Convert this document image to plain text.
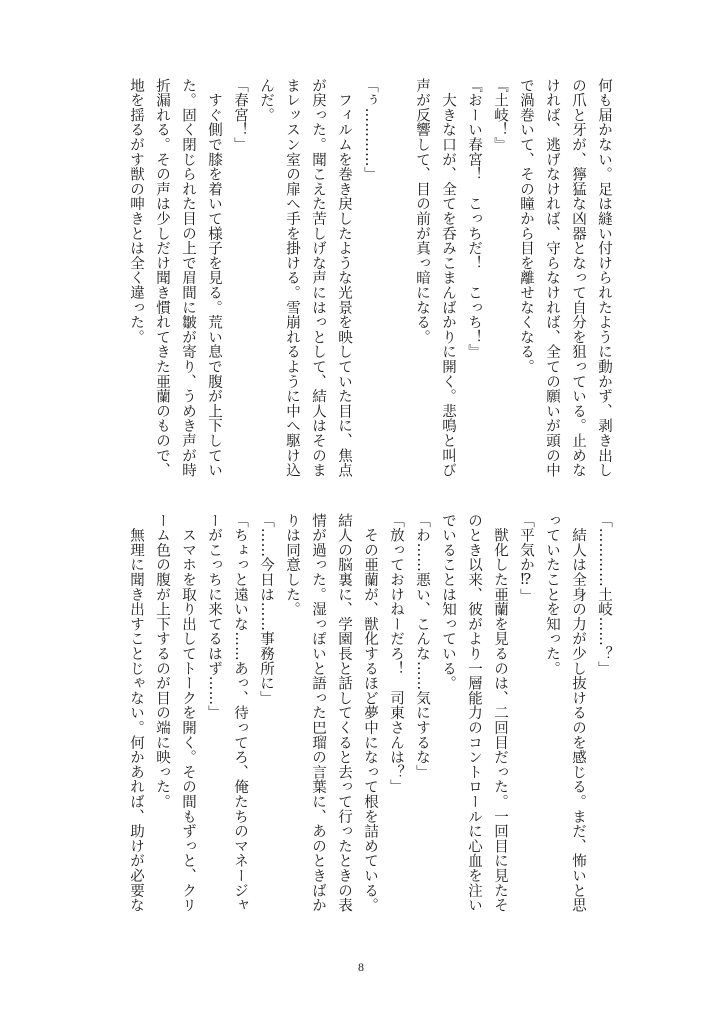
何も届かない。足は縫い付けられたように動かず、剥き出し
の爪と牙が、獰猛な凶器となって自分を狙っている。止めな
ければ、逃げなければ、守らなければ、全ての願いが頭の中
で渦巻いて、その瞳から目を離せなくなる。
『土岐！』
『おーい春宮！　こっちだ！　こっち！』
　大きな口が、全てを呑みこまんばかりに開く。悲鳴と叫び
声が反響して、目の前が真っ暗になる。
「ぅ…………」
　フィルムを巻き戻したような光景を映していた目に、焦点
が戻った。聞こえた苦しげな声にはっとして、結人はそのま
まレッスン室の扉へ手を掛ける。雪崩れるように中へ駆け込
んだ。
「春宮！」
　すぐ側で膝を着いて様子を見る。荒い息で腹が上下してい
た。固く閉じられた目の上で眉間に皺が寄り、うめき声が時
折漏れる。その声は少しだけ聞き慣れてきた亜蘭のもので、
地を揺るがす獣の呻きとは全く違った。
「…………土岐……？」
　結人は全身の力が少し抜けるのを感じる。まだ、怖いと思
っていたことを知った。
「平気か⁉」
　獣化した亜蘭を見るのは、二回目だった。一回目に見たそ
のとき以来、彼がより一層能力のコントロールに心血を注い
でいることは知っている。
「わ……悪い、こんな……気にするな」
「放っておけねーだろ！　司東さんは？」
　その亜蘭が、獣化するほど夢中になって根を詰めている。
結人の脳裏に、学園長と話してくると去って行ったときの表
情が過った。湿っぽいと語った巴瑠の言葉に、あのときばか
りは同意した。
「……今日は……事務所に」
「ちょっと遠いな……あっ、待ってろ、俺たちのマネージャ
ーがこっちに来てるはず……」
　スマホを取り出してトークを開く。その間もずっと、クリ
ーム色の腹が上下するのが目の端に映った。
　無理に聞き出すことじゃない。何かあれば、助けが必要な
8
